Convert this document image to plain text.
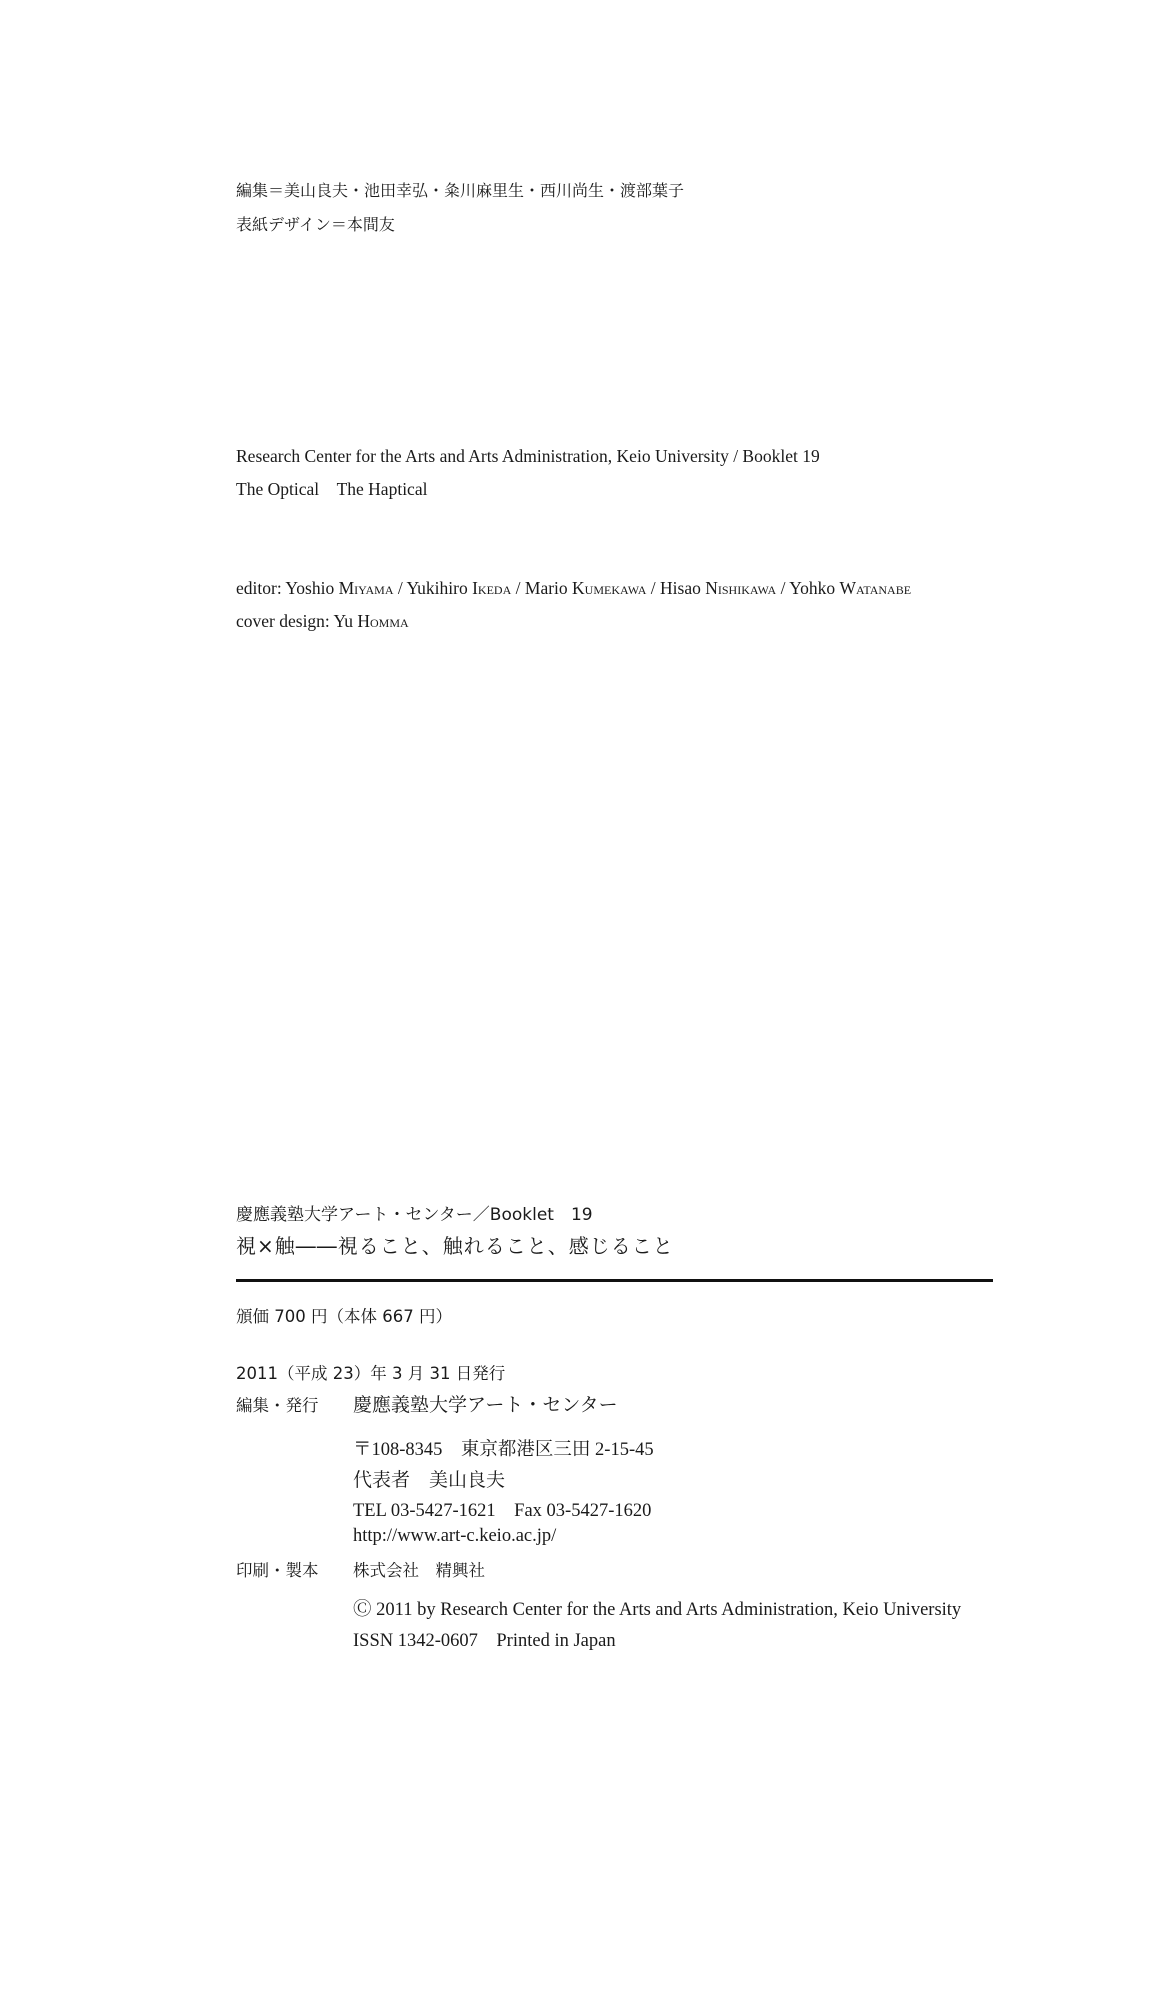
編集＝美山良夫・池田幸弘・粂川麻里生・西川尚生・渡部葉子
表紙デザイン＝本間友
Research Center for the Arts and Arts Administration, Keio University / Booklet 19
The Optical　The Haptical
editor: Yoshio Miyama / Yukihiro Ikeda / Mario Kumekawa / Hisao Nishikawa / Yohko Watanabe
cover design: Yu Homma
慶應義塾大学アート・センター／Booklet　19
視×触――視ること、触れること、感じること
頒価 700 円（本体 667 円）
2011（平成 23）年 3 月 31 日発行
編集・発行 慶應義塾大学アート・センター
〒108-8345　東京都港区三田 2-15-45
代表者　美山良夫
TEL 03-5427-1621　Fax 03-5427-1620
http://www.art-c.keio.ac.jp/
印刷・製本 株式会社　精興社
Ⓒ 2011 by Research Center for the Arts and Arts Administration, Keio University
ISSN 1342-0607　Printed in Japan
